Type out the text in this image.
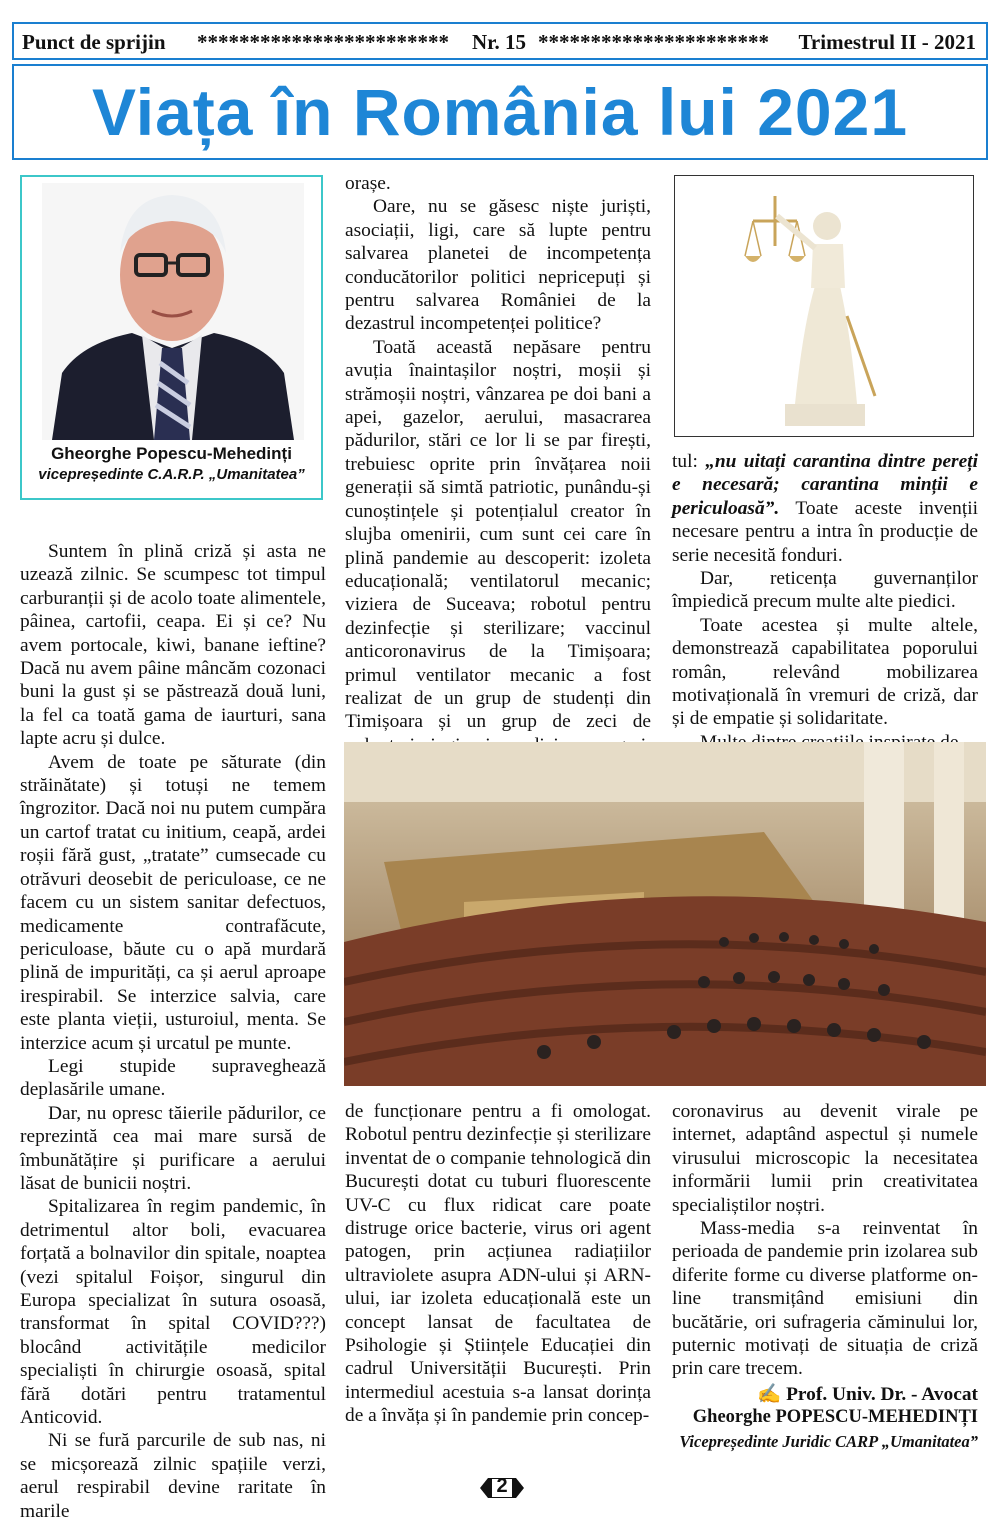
Punct de sprijin ************************ Nr. 15 ********************** Trimestrul II - 2021
Viața în România lui 2021
Gheorghe Popescu-Mehedinți
vicepreședinte C.A.R.P. „Umanitatea”

Suntem în plină criză și asta ne uzează zilnic. Se scumpesc tot timpul carburanții și de acolo toate alimentele, pâinea, cartofii, ceapa. Ei și ce? Nu avem portocale, kiwi, banane ieftine? Dacă nu avem pâine mâncăm cozonaci buni la gust și se păstrează două luni, la fel ca toată gama de iaurturi, sana lapte acru și dulce.

Avem de toate pe săturate (din străinătate) și totuși ne temem îngrozitor. Dacă noi nu putem cumpăra un cartof tratat cu initium, ceapă, ardei roșii fără gust, „tratate” cumsecade cu otrăvuri deosebit de periculoase, ce ne facem cu un sistem sanitar defectuos, medicamente contrafăcute, periculoase, băute cu o apă murdară plină de impurități, ca și aerul aproape irespirabil. Se interzice salvia, care este planta vieții, usturoiul, menta. Se interzice acum și urcatul pe munte.

Legi stupide supraveghează deplasările umane.

Dar, nu opresc tăierile pădurilor, ce reprezintă cea mai mare sursă de îmbunătățire și purificare a aerului lăsat de bunicii noștri.

Spitalizarea în regim pandemic, în detrimentul altor boli, evacuarea forțată a bolnavilor din spitale, noaptea (vezi spitalul Foișor, singurul din Europa specializat în sutura osoasă, transformat în spital COVID???) blocând activitățile medicilor specialiști în chirurgie osoasă, spital fără dotări pentru tratamentul Anticovid.

Ni se fură parcurile de sub nas, ni se micșorează zilnic spațiile verzi, aerul respirabil devine raritate în marile

orașe.

Oare, nu se găsesc niște juriști, asociații, ligi, care să lupte pentru salvarea planetei de incompetența conducătorilor politici nepricepuți și pentru salvarea României de la dezastrul incompetenței politice?

Toată această nepăsare pentru avuția înaintașilor noștri, moșii și strămoșii noștri, vânzarea pe doi bani a apei, gazelor, aerului, masacrarea pădurilor, stări ce lor li se par firești, trebuiesc oprite prin învățarea noii generații să simtă patriotic, punându-și cunoștințele și potențialul creator în slujba omenirii, cum sunt cei care în plină pandemie au descoperit: izoleta educațională; ventilatorul mecanic; viziera de Suceava; robotul pentru dezinfecție și sterilizare; vaccinul anticoronavirus de la Timișoara; primul ventilator mecanic a fost realizat de un grup de studenți din Timișoara și un grup de zeci de

tul: „nu uitați carantina dintre pereți e necesară; carantina minții e periculoasă”. Toate aceste invenții necesare pentru a intra în producție de serie necesită fonduri.

Dar, reticența guvernanților împiedică precum multe alte piedici.

Toate acestea și multe altele, demonstrează capabilitatea poporului român, relevând mobilizarea motivațională în vremuri de criză, dar și de empatie și solidaritate.

de funcționare pentru a fi omologat. Robotul pentru dezinfecție și sterilizare inventat de o companie tehnologică din București dotat cu tuburi fluorescente UV-C cu flux ridicat care poate distruge orice bacterie, virus ori agent patogen, prin acțiunea radiațiilor ultraviolete asupra ADN-ului și ARN-ului, iar izoleta educațională este un concept lansat de facultatea de Psihologie și Științele Educației din cadrul Universității București. Prin intermediul acestuia s-a lansat dorința de a învăța și în pandemie prin concep-

coronavirus au devenit virale pe internet, adaptând aspectul și numele virusului microscopic la necesitatea informării lumii prin creativitatea specialiștilor noștri.

Mass-media s-a reinventat în perioada de pandemie prin izolarea sub diferite forme cu diverse platforme on-line transmițând emisiuni din bucătărie, ori sufrageria căminului lor, puternic motivați de situația de criză prin care trecem.

✍ Prof. Univ. Dr. - Avocat
Gheorghe POPESCU-MEHEDINȚI
Vicepreședinte Juridic CARP „Umanitatea”
2
